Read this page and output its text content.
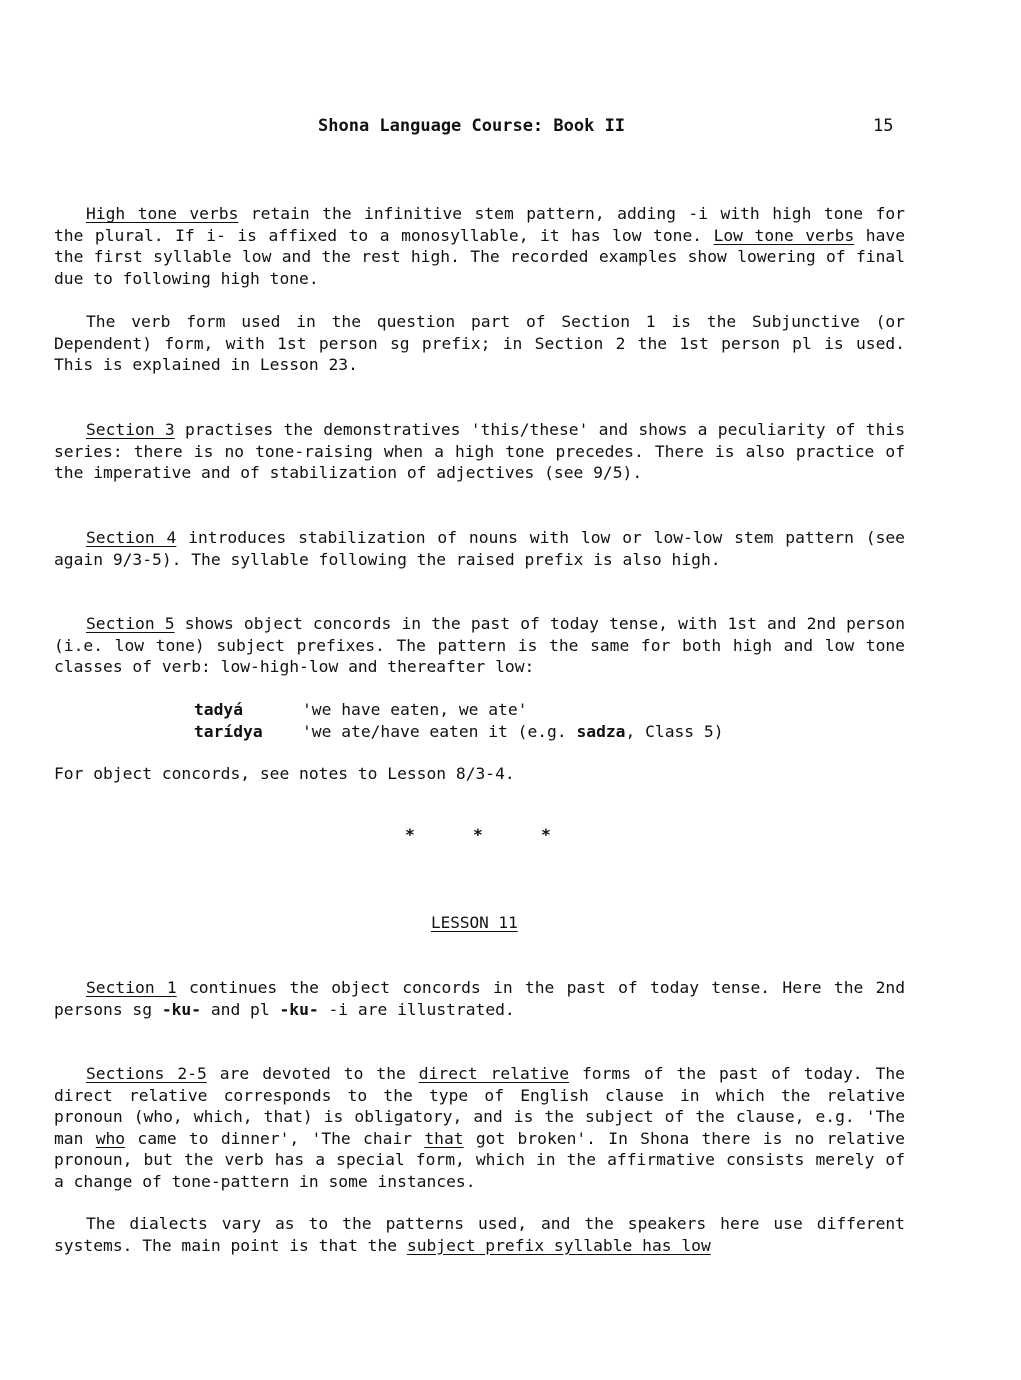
Shona Language Course: Book II	15

High tone verbs retain the infinitive stem pattern, adding -i with high tone for the plural. If i- is affixed to a monosyllable, it has low tone. Low tone verbs have the first syllable low and the rest high. The recorded examples show lowering of final due to following high tone.

The verb form used in the question part of Section 1 is the Subjunctive (or Dependent) form, with 1st person sg prefix; in Section 2 the 1st person pl is used. This is explained in Lesson 23.

Section 3 practises the demonstratives 'this/these' and shows a peculiarity of this series: there is no tone-raising when a high tone precedes. There is also practice of the imperative and of stabilization of adjectives (see 9/5).

Section 4 introduces stabilization of nouns with low or low-low stem pattern (see again 9/3-5). The syllable following the raised prefix is also high.

Section 5 shows object concords in the past of today tense, with 1st and 2nd person (i.e. low tone) subject prefixes. The pattern is the same for both high and low tone classes of verb: low-high-low and thereafter low:

tadyá	'we have eaten, we ate'
tarídya 'we ate/have eaten it (e.g. sadza, Class 5)

For object concords, see notes to Lesson 8/3-4.

*	*	*
LESSON 11

Section 1 continues the object concords in the past of today tense. Here the 2nd persons sg -ku- and pl -ku- -i are illustrated.

Sections 2-5 are devoted to the direct relative forms of the past of today. The direct relative corresponds to the type of English clause in which the relative pronoun (who, which, that) is obligatory, and is the subject of the clause, e.g. 'The man who came to dinner', 'The chair that got broken'. In Shona there is no relative pronoun, but the verb has a special form, which in the affirmative consists merely of a change of tone-pattern in some instances.

The dialects vary as to the patterns used, and the speakers here use different systems. The main point is that the subject prefix syllable has low
